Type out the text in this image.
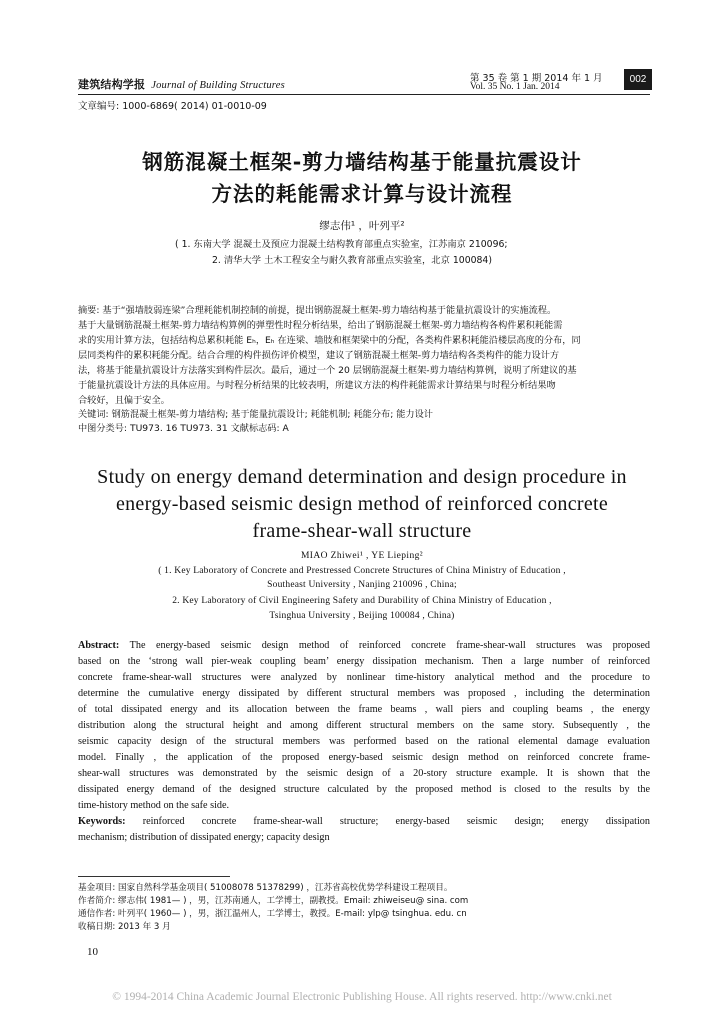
建筑结构学报 Journal of Building Structures
第 35 卷 第 1 期 2014 年 1 月
Vol. 35 No. 1 Jan. 2014
002
文章编号: 1000-6869( 2014) 01-0010-09
钢筋混凝土框架-剪力墙结构基于能量抗震设计
方法的耗能需求计算与设计流程
缪志伟¹ ，叶列平²
( 1. 东南大学 混凝土及预应力混凝土结构教育部重点实验室，江苏南京 210096;
2. 清华大学 土木工程安全与耐久教育部重点实验室，北京 100084)
摘要: 基于“强墙肢弱连梁”合理耗能机制控制的前提，提出钢筋混凝土框架-剪力墙结构基于能量抗震设计的实施流程。
基于大量钢筋混凝土框架-剪力墙结构算例的弹塑性时程分析结果，给出了钢筋混凝土框架-剪力墙结构各构件累积耗能需
求的实用计算方法，包括结构总累积耗能 Eₕ，Eₕ 在连梁、墙肢和框架梁中的分配，各类构件累积耗能沿楼层高度的分布，同
层同类构件的累积耗能分配。结合合理的构件损伤评价模型，建议了钢筋混凝土框架-剪力墙结构各类构件的能力设计方
法，将基于能量抗震设计方法落实到构件层次。最后，通过一个 20 层钢筋混凝土框架-剪力墙结构算例，说明了所建议的基
于能量抗震设计方法的具体应用。与时程分析结果的比较表明，所建议方法的构件耗能需求计算结果与时程分析结果吻
合较好，且偏于安全。
关键词: 钢筋混凝土框架-剪力墙结构; 基于能量抗震设计; 耗能机制; 耗能分布; 能力设计
中图分类号: TU973. 16 TU973. 31 文献标志码: A
Study on energy demand determination and design procedure in
energy-based seismic design method of reinforced concrete
frame-shear-wall structure
MIAO Zhiwei¹ , YE Lieping²
( 1. Key Laboratory of Concrete and Prestressed Concrete Structures of China Ministry of Education ,
Southeast University , Nanjing 210096 , China;
2. Key Laboratory of Civil Engineering Safety and Durability of China Ministry of Education ,
Tsinghua University , Beijing 100084 , China)
Abstract: The energy-based seismic design method of reinforced concrete frame-shear-wall structures was proposed
based on the ‘strong wall pier-weak coupling beam’ energy dissipation mechanism. Then a large number of reinforced
concrete frame-shear-wall structures were analyzed by nonlinear time-history analytical method and the procedure to
determine the cumulative energy dissipated by different structural members was proposed , including the determination
of total dissipated energy and its allocation between the frame beams , wall piers and coupling beams , the energy
distribution along the structural height and among different structural members on the same story. Subsequently , the
seismic capacity design of the structural members was performed based on the rational elemental damage evaluation
model. Finally , the application of the proposed energy-based seismic design method on reinforced concrete frame-
shear-wall structures was demonstrated by the seismic design of a 20-story structure example. It is shown that the
dissipated energy demand of the designed structure calculated by the proposed method is closed to the results by the
time-history method on the safe side.
Keywords: reinforced concrete frame-shear-wall structure; energy-based seismic design; energy dissipation
mechanism; distribution of dissipated energy; capacity design
基金项目: 国家自然科学基金项目( 51008078 51378299) ，江苏省高校优势学科建设工程项目。
作者简介: 缪志伟( 1981— ) ，男，江苏南通人，工学博士，副教授。Email: zhiweiseu@ sina. com
通信作者: 叶列平( 1960— ) ，男，浙江温州人，工学博士，教授。E-mail: ylp@ tsinghua. edu. cn
收稿日期: 2013 年 3 月
10
© 1994-2014 China Academic Journal Electronic Publishing House. All rights reserved. http://www.cnki.net
